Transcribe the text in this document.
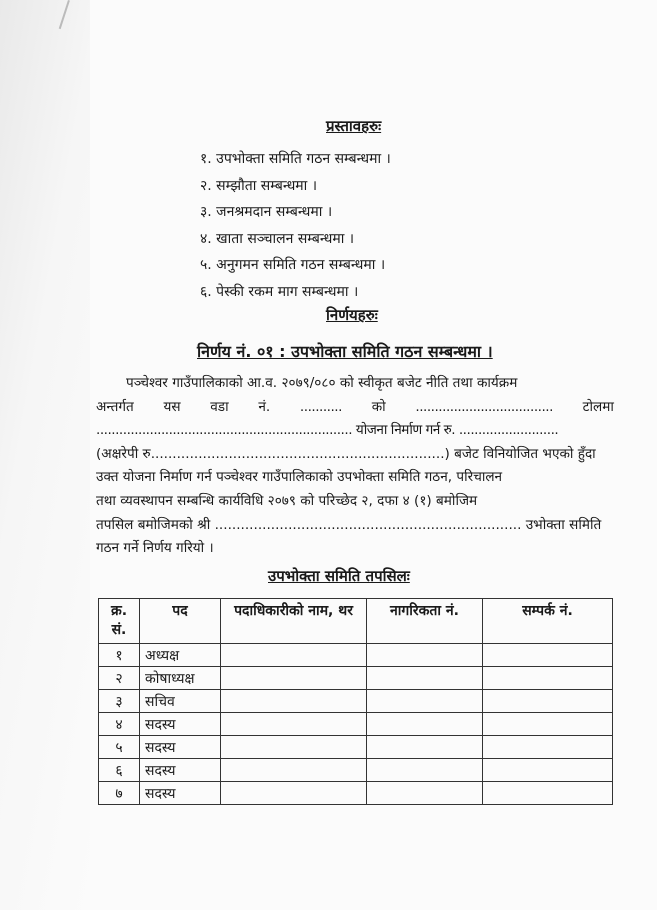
प्रस्तावहरुः
१. उपभोक्ता समिति गठन सम्बन्धमा ।
२. सम्झौता सम्बन्धमा ।
३. जनश्रमदान सम्बन्धमा ।
४. खाता सञ्चालन सम्बन्धमा ।
५. अनुगमन समिति गठन सम्बन्धमा ।
६. पेस्की रकम माग सम्बन्धमा ।
निर्णयहरुः
निर्णय नं. ०१ : उपभोक्ता समिति गठन सम्बन्धमा ।
पञ्चेश्वर गाउँपालिकाको आ.व. २०७९/०८० को स्वीकृत बजेट नीति तथा कार्यक्रम
अन्तर्गत यस वडा नं. ........... को .................................... टोलमा
................................................................... योजना निर्माण गर्न रु. ..........................
(अक्षरेपी रु....................................................................) बजेट विनियोजित भएको हुँदा
उक्त योजना निर्माण गर्न पञ्चेश्वर गाउँपालिकाको उपभोक्ता समिति गठन, परिचालन
तथा व्यवस्थापन सम्बन्धि कार्यविधि २०७९ को परिच्छेद २, दफा ४ (१) बमोजिम
तपसिल बमोजिमको श्री ....................................................................... उभोक्ता समिति
गठन गर्ने निर्णय गरियो ।
उपभोक्ता समिति तपसिलः
क्र. सं.	पद	पदाधिकारीको नाम, थर	नागरिकता नं.	सम्पर्क नं.
१	अध्यक्ष			
२	कोषाध्यक्ष			
३	सचिव			
४	सदस्य			
५	सदस्य			
६	सदस्य			
७	सदस्य			
